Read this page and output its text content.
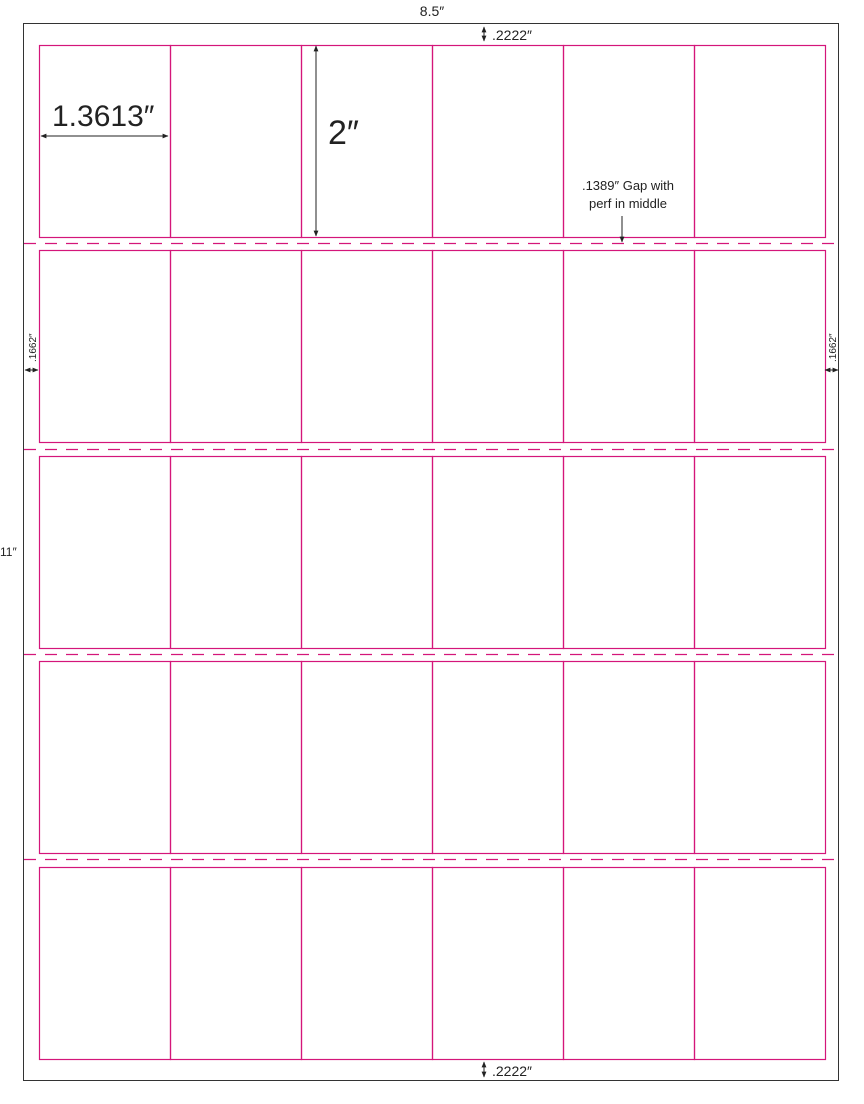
8.5″
11″
.2222″
.2222″
.1662″	.1662″
1.3613″	2″
.1389″ Gap with
perf in middle
